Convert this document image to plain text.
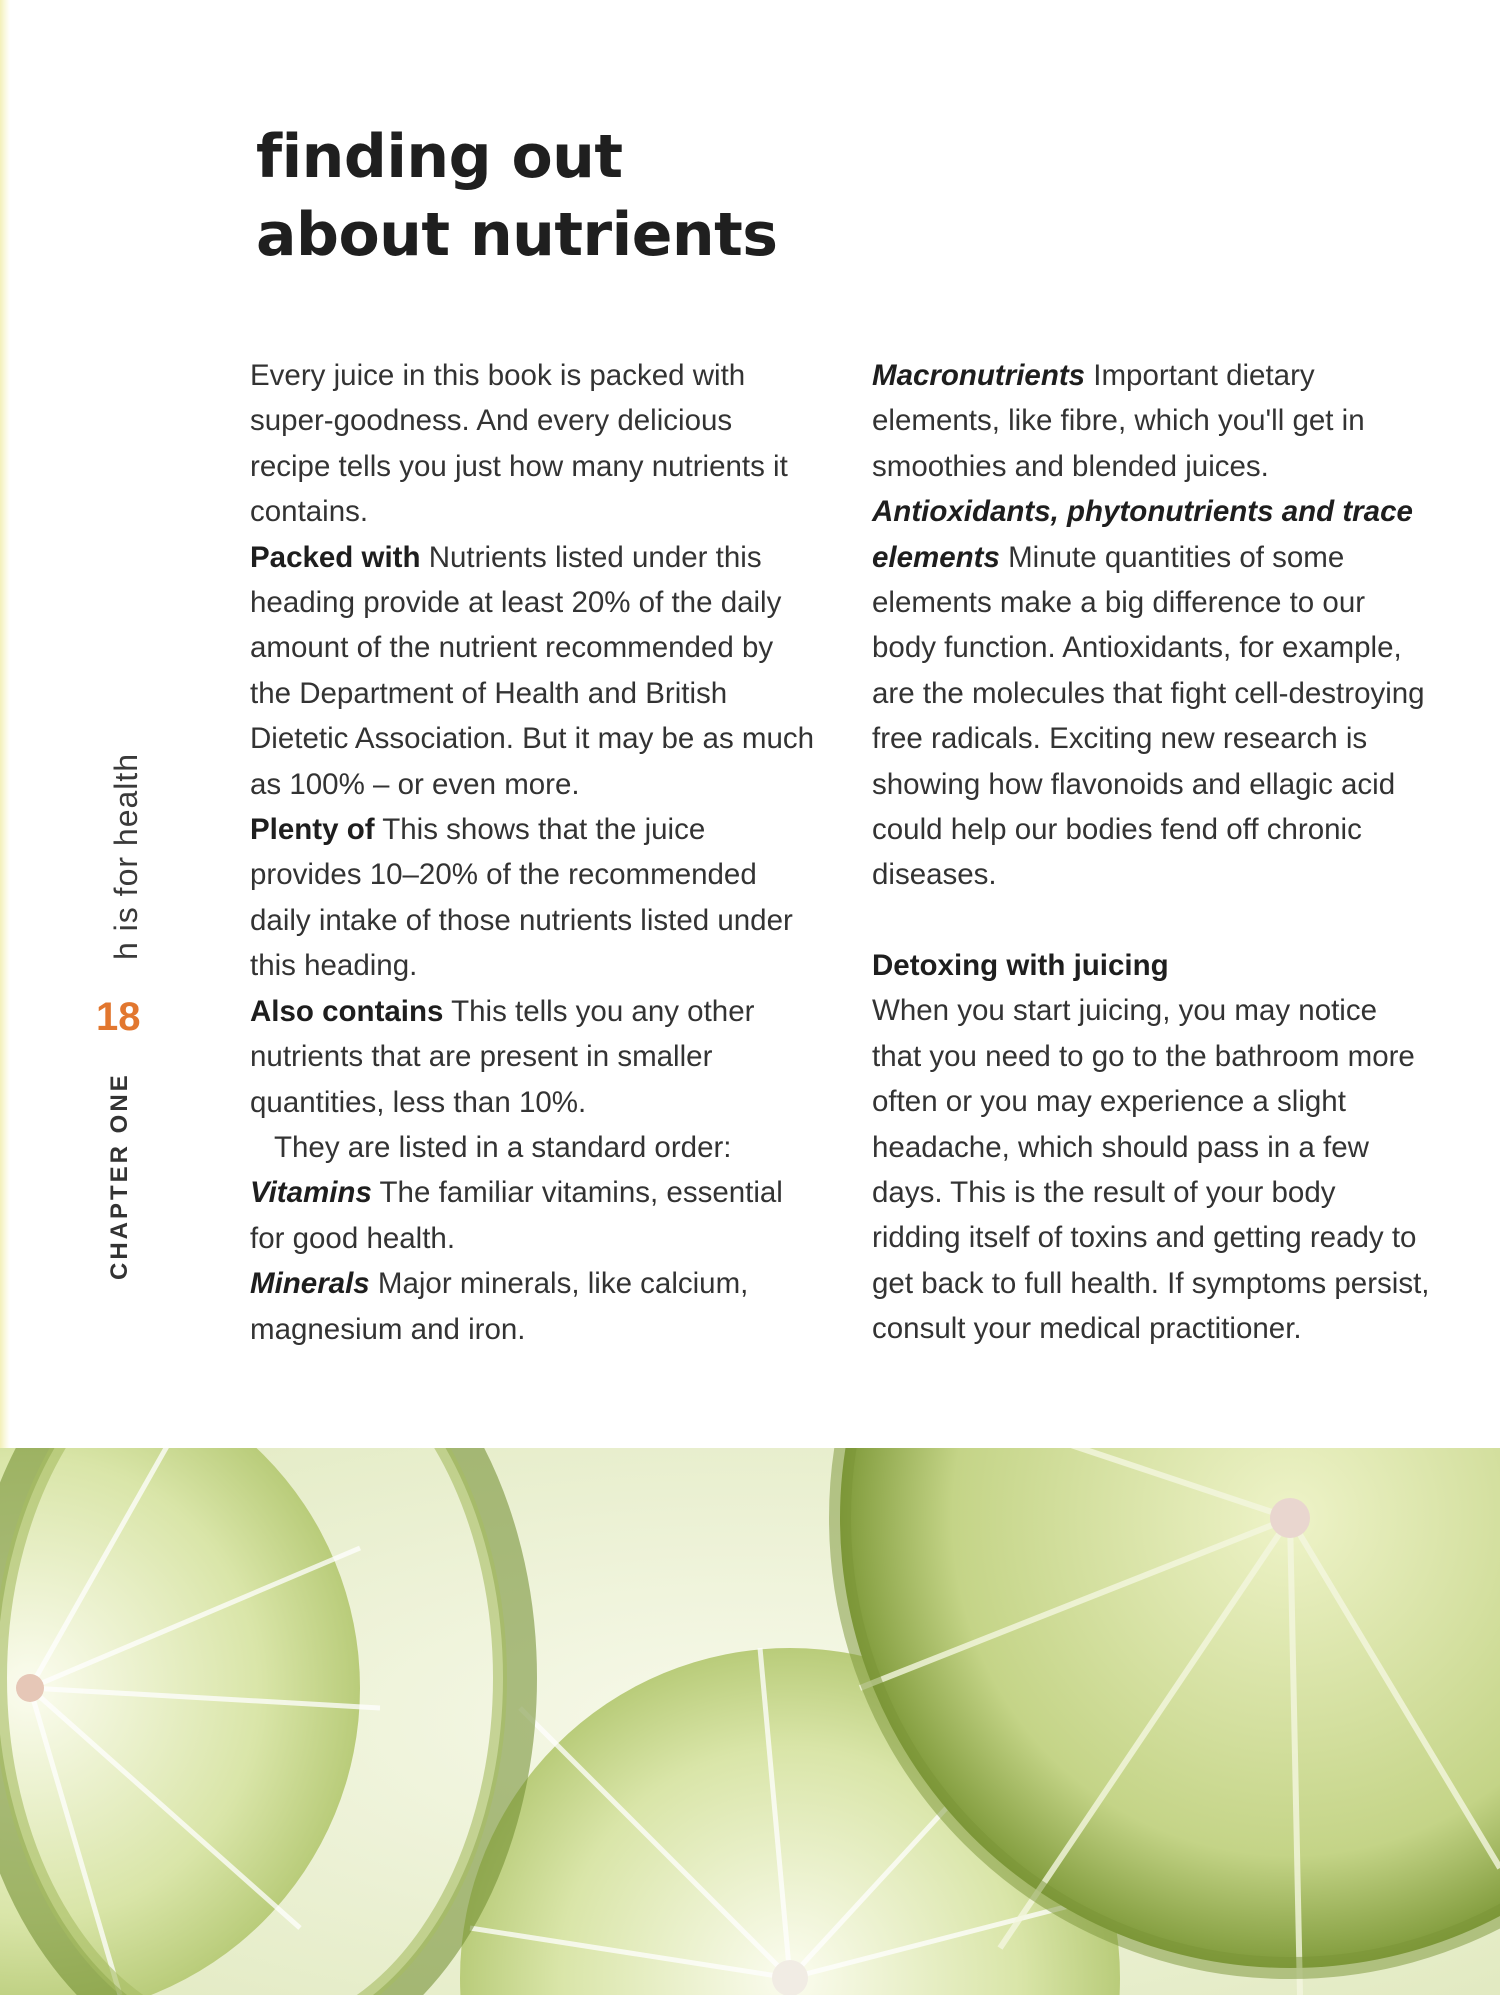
finding out
about nutrients
CHAPTER ONE
18
h is for health

Every juice in this book is packed with super-goodness. And every delicious recipe tells you just how many nutrients it contains.

Packed with Nutrients listed under this heading provide at least 20% of the daily amount of the nutrient recommended by the Department of Health and British Dietetic Association. But it may be as much as 100% – or even more.

Plenty of This shows that the juice provides 10–20% of the recommended daily intake of those nutrients listed under this heading.

Also contains This tells you any other nutrients that are present in smaller quantities, less than 10%.

They are listed in a standard order:

Vitamins The familiar vitamins, essential for good health.

Minerals Major minerals, like calcium, magnesium and iron.

Macronutrients Important dietary elements, like fibre, which you'll get in smoothies and blended juices.

Antioxidants, phytonutrients and trace elements Minute quantities of some elements make a big difference to our body function. Antioxidants, for example, are the molecules that fight cell-destroying free radicals. Exciting new research is showing how flavonoids and ellagic acid could help our bodies fend off chronic diseases.

Detoxing with juicing

When you start juicing, you may notice that you need to go to the bathroom more often or you may experience a slight headache, which should pass in a few days. This is the result of your body ridding itself of toxins and getting ready to get back to full health. If symptoms persist, consult your medical practitioner.
